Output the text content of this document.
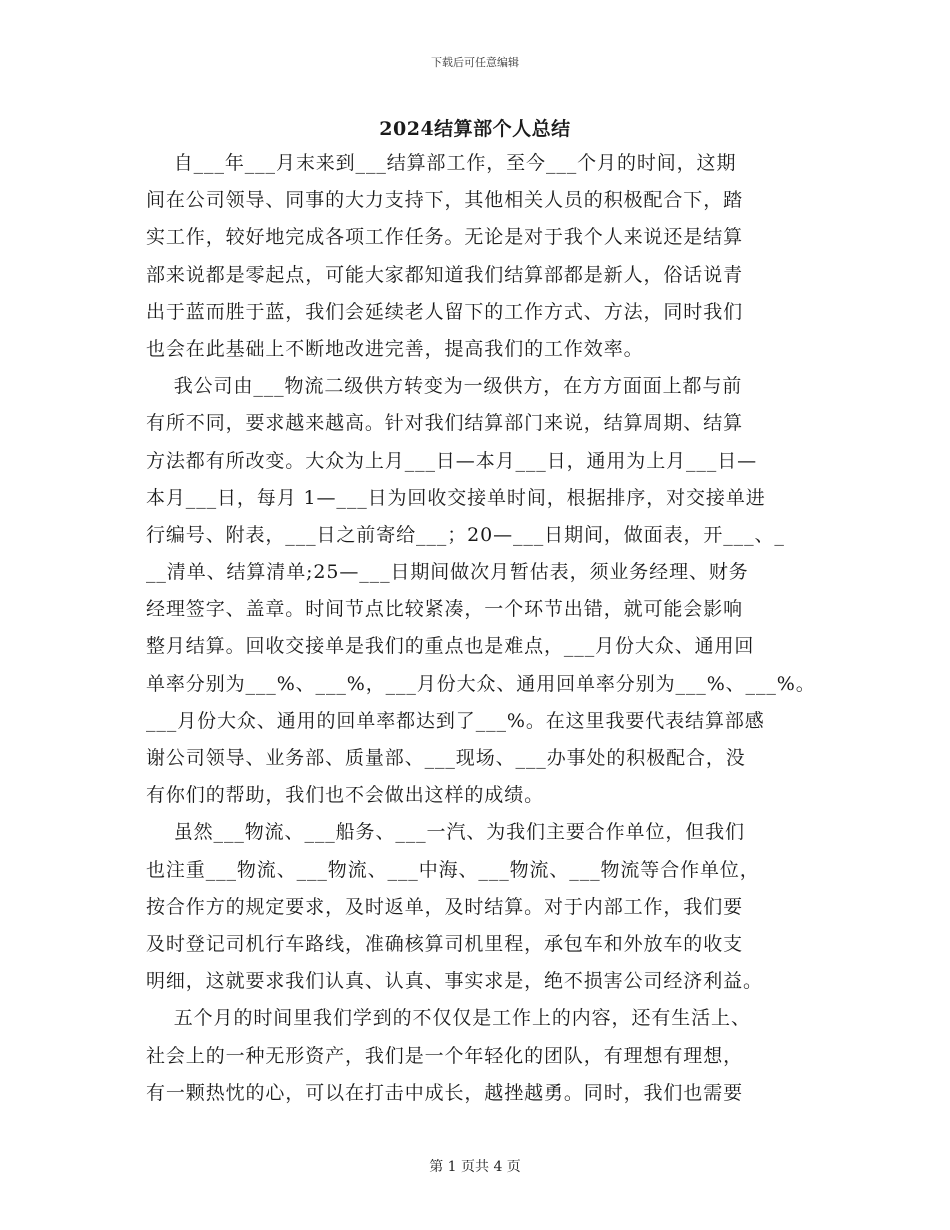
下载后可任意编辑
2024结算部个人总结
自___年___月末来到___结算部工作，至今___个月的时间，这期
间在公司领导、同事的大力支持下，其他相关人员的积极配合下，踏
实工作，较好地完成各项工作任务。无论是对于我个人来说还是结算
部来说都是零起点，可能大家都知道我们结算部都是新人，俗话说青
出于蓝而胜于蓝，我们会延续老人留下的工作方式、方法，同时我们
也会在此基础上不断地改进完善，提高我们的工作效率。
我公司由___物流二级供方转变为一级供方，在方方面面上都与前
有所不同，要求越来越高。针对我们结算部门来说，结算周期、结算
方法都有所改变。大众为上月___日—本月___日，通用为上月___日—
本月___日，每月 1—___日为回收交接单时间，根据排序，对交接单进
行编号、附表，___日之前寄给___；20—___日期间，做面表，开___、_
__清单、结算清单;25—___日期间做次月暂估表，须业务经理、财务
经理签字、盖章。时间节点比较紧凑，一个环节出错，就可能会影响
整月结算。回收交接单是我们的重点也是难点，___月份大众、通用回
单率分别为___%、___%，___月份大众、通用回单率分别为___%、___%。
___月份大众、通用的回单率都达到了___%。在这里我要代表结算部感
谢公司领导、业务部、质量部、___现场、___办事处的积极配合，没
有你们的帮助，我们也不会做出这样的成绩。
虽然___物流、___船务、___一汽、为我们主要合作单位，但我们
也注重___物流、___物流、___中海、___物流、___物流等合作单位，
按合作方的规定要求，及时返单，及时结算。对于内部工作，我们要
及时登记司机行车路线，准确核算司机里程，承包车和外放车的收支
明细，这就要求我们认真、认真、事实求是，绝不损害公司经济利益。
五个月的时间里我们学到的不仅仅是工作上的内容，还有生活上、
社会上的一种无形资产，我们是一个年轻化的团队，有理想有理想，
有一颗热忱的心，可以在打击中成长，越挫越勇。同时，我们也需要
第 1 页共 4 页
